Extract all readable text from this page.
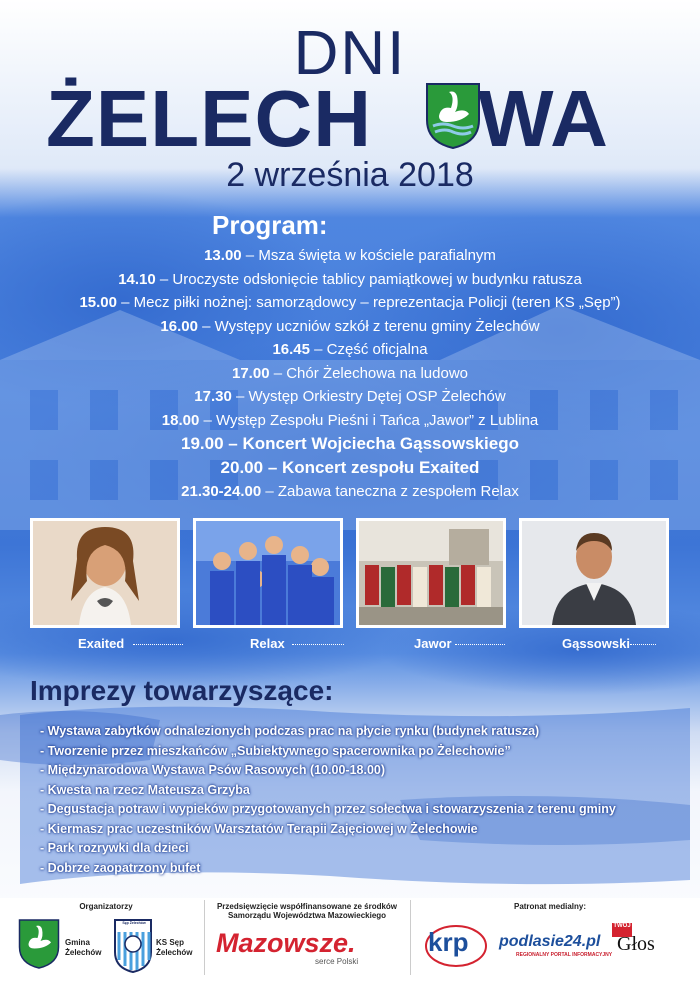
DNI
ŻELECH WA
2 września 2018
Program:
13.00 – Msza święta w kościele parafialnym
14.10 – Uroczyste odsłonięcie tablicy pamiątkowej w budynku ratusza
15.00 – Mecz piłki nożnej: samorządowcy – reprezentacja Policji (teren KS „Sęp”)
16.00 – Występy uczniów szkół z terenu gminy Żelechów
16.45 – Część oficjalna
17.00 – Chór Żelechowa na ludowo
17.30 – Występ Orkiestry Dętej OSP Żelechów
18.00 – Występ Zespołu Pieśni i Tańca „Jawor” z Lublina
19.00 – Koncert Wojciecha Gąssowskiego
20.00 – Koncert zespołu Exaited
21.30-24.00 – Zabawa taneczna z zespołem Relax
Exaited	Relax	Jawor	Gąssowski
Imprezy towarzyszące:
- Wystawa zabytków odnalezionych podczas prac na płycie rynku (budynek ratusza)
- Tworzenie przez mieszkańców „Subiektywnego spacerownika po Żelechowie”
- Międzynarodowa Wystawa Psów Rasowych (10.00-18.00)
- Kwesta na rzecz Mateusza Grzyba
- Degustacja potraw i wypieków przygotowanych przez sołectwa i stowarzyszenia z terenu gminy
- Kiermasz prac uczestników Warsztatów Terapii Zajęciowej w Żelechowie
- Park rozrywki dla dzieci
- Dobrze zaopatrzony bufet
Organizatorzy
Gmina
Żelechów
Sęp Żelechów
KS Sęp
Żelechów
Przedsięwzięcie współfinansowane ze środków
Samorządu Województwa Mazowieckiego
Mazowsze.
serce Polski
Patronat medialny:
krp podlasie24.pl
REGIONALNY PORTAL INFORMACYJNY
TWÓJ
Głos
